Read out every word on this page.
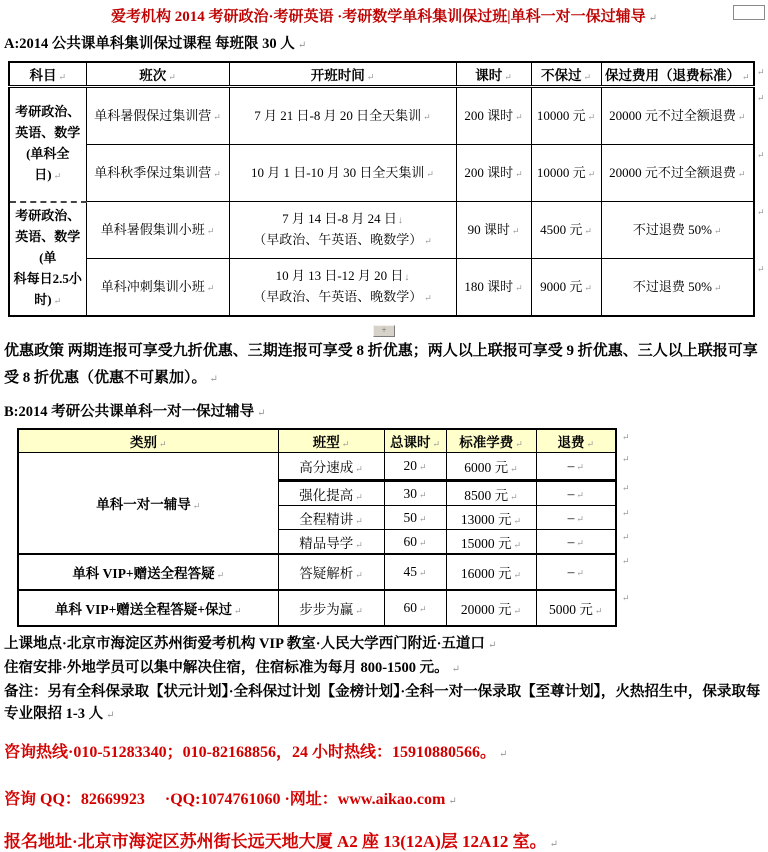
爱考机构 2014 考研政治·考研英语 ·考研数学单科集训保过班|单科一对一保过辅导 ↵
A:2014 公共课单科集训保过课程 每班限 30 人 ↵
科目 ↵	班次 ↵	开班时间 ↵	课时 ↵	不保过 ↵	保过费用（退费标准） ↵
考研政治、英语、数学
(单科全日) ↵	单科暑假保过集训营 ↵	7 月 21 日-8 月 20 日全天集训 ↵	200 课时 ↵	10000 元 ↵	20000 元不过全额退费 ↵
	单科秋季保过集训营 ↵	10 月 1 日-10 月 30 日全天集训 ↵	200 课时 ↵	10000 元 ↵	20000 元不过全额退费 ↵
考研政治、英语、数学(单
科每日2.5小时) ↵	单科暑假集训小班 ↵	7 月 14 日-8 月 24 日 ↓
（早政治、午英语、晚数学） ↵	90 课时 ↵	4500 元 ↵	不过退费 50% ↵
	单科冲刺集训小班 ↵	10 月 13 日-12 月 20 日 ↓
（早政治、午英语、晚数学） ↵	180 课时 ↵	9000 元 ↵	不过退费 50% ↵
↵
↵
↵
↵
↵
+

优惠政策 两期连报可享受九折优惠、三期连报可享受 8 折优惠；两人以上联报可享受 9 折优惠、三人以上联报可享受 8 折优惠（优惠不可累加）。 ↵

B:2014 考研公共课单科一对一保过辅导 ↵
类别 ↵	班型 ↵	总课时 ↵	标准学费 ↵	退费 ↵
单科一对一辅导 ↵	高分速成 ↵	20 ↵	6000 元 ↵	– ↵
	强化提高 ↵	30 ↵	8500 元 ↵	– ↵
	全程精讲 ↵	50 ↵	13000 元 ↵	– ↵
	精品导学 ↵	60 ↵	15000 元 ↵	– ↵
单科 VIP+赠送全程答疑 ↵	答疑解析 ↵	45 ↵	16000 元 ↵	– ↵
单科 VIP+赠送全程答疑+保过 ↵	步步为赢 ↵	60 ↵	20000 元 ↵	5000 元 ↵
↵
↵
↵
↵
↵
↵
↵

上课地点·北京市海淀区苏州街爱考机构 VIP 教室·人民大学西门附近·五道口 ↵

住宿安排·外地学员可以集中解决住宿，住宿标准为每月 800-1500 元。 ↵

备注：另有全科保录取【状元计划】·全科保过计划【金榜计划】·全科一对一保录取【至尊计划】，火热招生中，保录取每专业限招 1-3 人 ↵

咨询热线·010-51283340；010-82168856，24 小时热线：15910880566。 ↵

咨询 QQ：82669923 　·QQ:1074761060 ·网址：www.aikao.com ↵

报名地址·北京市海淀区苏州街长远天地大厦 A2 座 13(12A)层 12A12 室。 ↵
